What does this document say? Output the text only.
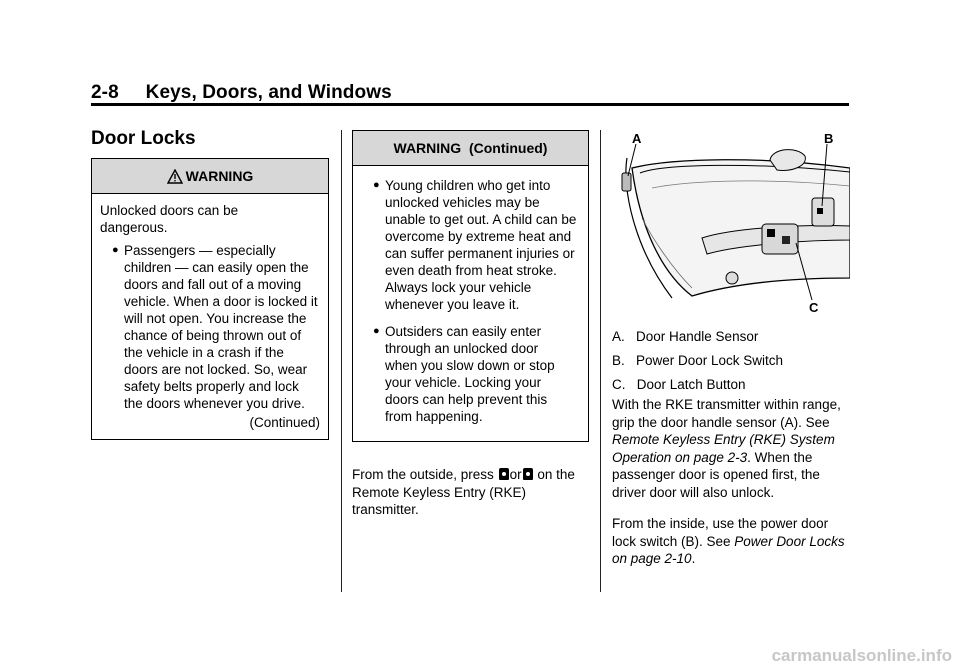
2-8     Keys, Doors, and Windows
Door Locks
WARNING

Unlocked doors can be dangerous.

● Passengers — especially children — can easily open the doors and fall out of a moving vehicle. When a door is locked it will not open. You increase the chance of being thrown out of the vehicle in a crash if the doors are not locked. So, wear safety belts properly and lock the doors whenever you drive.

(Continued)

WARNING  (Continued)

● Young children who get into unlocked vehicles may be unable to get out. A child can be overcome by extreme heat and can suffer permanent injuries or even death from heat stroke. Always lock your vehicle whenever you leave it.

● Outsiders can easily enter through an unlocked door when you slow down or stop your vehicle. Locking your doors can help prevent this from happening.

From the outside, press or on the Remote Keyless Entry (RKE) transmitter.

A	B
C

A.   Door Handle Sensor

B.   Power Door Lock Switch

C.   Door Latch Button

With the RKE transmitter within range, grip the door handle sensor (A). See Remote Keyless Entry (RKE) System Operation on page 2-3. When the passenger door is opened first, the driver door will also unlock.

From the inside, use the power door lock switch (B). See Power Door Locks on page 2-10.

carmanualsonline.info
